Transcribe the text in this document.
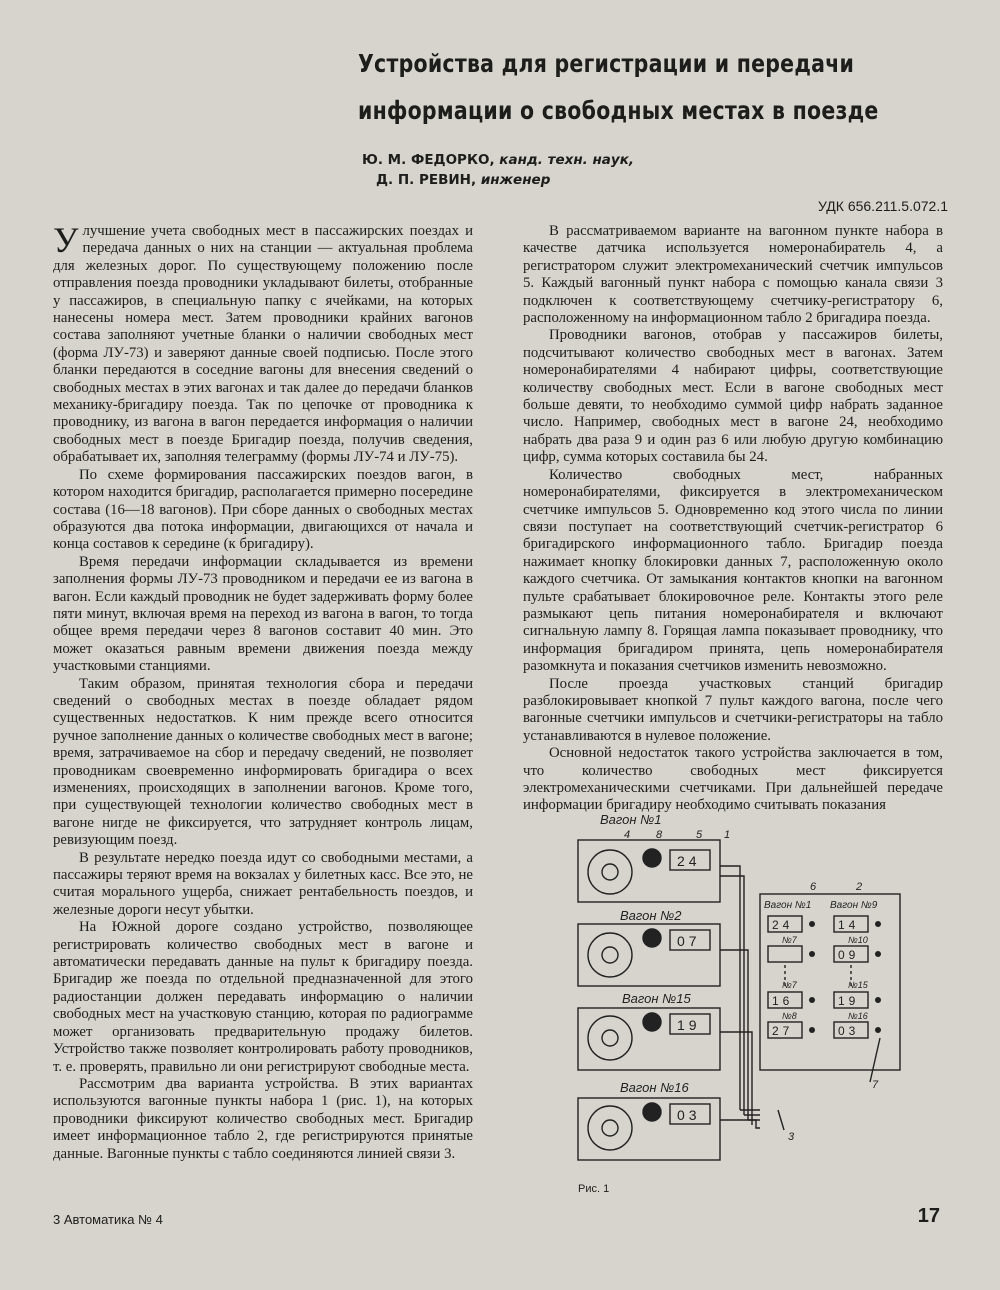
Устройства для регистрации и передачи
информации о свободных местах в поезде
Ю. М. ФЕДОРКО, канд. техн. наук,
Д. П. РЕВИН, инженер
УДК 656.211.5.072.1

Улучшение учета свободных мест в пассажирских поездах и передача данных о них на станции — актуальная проблема для железных дорог. По существующему положению после отправления поезда проводники укладывают билеты, отобранные у пассажиров, в специальную папку с ячейками, на которых нанесены номера мест. Затем проводники крайних вагонов состава заполняют учетные бланки о наличии свободных мест (форма ЛУ-73) и заверяют данные своей подписью. После этого бланки передаются в соседние вагоны для внесения сведений о свободных местах в этих вагонах и так далее до передачи бланков механику-бригадиру поезда. Так по цепочке от проводника к проводнику, из вагона в вагон передается информация о наличии свободных мест в поезде Бригадир поезда, получив сведения, обрабатывает их, заполняя телеграмму (формы ЛУ-74 и ЛУ-75).

По схеме формирования пассажирских поездов вагон, в котором находится бригадир, располагается примерно посередине состава (16—18 вагонов). При сборе данных о свободных местах образуются два потока информации, двигающихся от начала и конца составов к середине (к бригадиру).

Время передачи информации складывается из времени заполнения формы ЛУ-73 проводником и передачи ее из вагона в вагон. Если каждый проводник не будет задерживать форму более пяти минут, включая время на переход из вагона в вагон, то тогда общее время передачи через 8 вагонов составит 40 мин. Это может оказаться равным времени движения поезда между участковыми станциями.

Таким образом, принятая технология сбора и передачи сведений о свободных местах в поезде обладает рядом существенных недостатков. К ним прежде всего относится ручное заполнение данных о количестве свободных мест в вагоне; время, затрачиваемое на сбор и передачу сведений, не позволяет проводникам своевременно информировать бригадира о всех изменениях, происходящих в заполнении вагонов. Кроме того, при существующей технологии количество свободных мест в вагоне нигде не фиксируется, что затрудняет контроль лицам, ревизующим поезд.

В результате нередко поезда идут со свободными местами, а пассажиры теряют время на вокзалах у билетных касс. Все это, не считая морального ущерба, снижает рентабельность поездов, и железные дороги несут убытки.

На Южной дороге создано устройство, позволяющее регистрировать количество свободных мест в вагоне и автоматически передавать данные на пульт к бригадиру поезда. Бригадир же поезда по отдельной предназначенной для этого радиостанции должен передавать информацию о наличии свободных мест на участковую станцию, которая по радиограмме может организовать предварительную продажу билетов. Устройство также позволяет контролировать работу проводников, т. е. проверять, правильно ли они регистрируют свободные места.

Рассмотрим два варианта устройства. В этих вариантах используются вагонные пункты набора 1 (рис. 1), на которых проводники фиксируют количество свободных мест. Бригадир имеет информационное табло 2, где регистрируются принятые данные. Вагонные пункты с табло соединяются линией связи 3.

В рассматриваемом варианте на вагонном пункте набора в качестве датчика используется номеронабиратель 4, а регистратором служит электромеханический счетчик импульсов 5. Каждый вагонный пункт набора с помощью канала связи 3 подключен к соответствующему счетчику-регистратору 6, расположенному на информационном табло 2 бригадира поезда.

Проводники вагонов, отобрав у пассажиров билеты, подсчитывают количество свободных мест в вагонах. Затем номеронабирателями 4 набирают цифры, соответствующие количеству свободных мест. Если в вагоне свободных мест больше девяти, то необходимо суммой цифр набрать заданное число. Например, свободных мест в вагоне 24, необходимо набрать два раза 9 и один раз 6 или любую другую комбинацию цифр, сумма которых составила бы 24.

Количество свободных мест, набранных номеронабирателями, фиксируется в электромеханическом счетчике импульсов 5. Одновременно код этого числа по линии связи поступает на соответствующий счетчик-регистратор 6 бригадирского информационного табло. Бригадир поезда нажимает кнопку блокировки данных 7, расположенную около каждого счетчика. От замыкания контактов кнопки на вагонном пульте срабатывает блокировочное реле. Контакты этого реле размыкают цепь питания номеронабирателя и включают сигнальную лампу 8. Горящая лампа показывает проводнику, что информация бригадиром принята, цепь номеронабирателя разомкнута и показания счетчиков изменить невозможно.

После проезда участковых станций бригадир разблокировывает кнопкой 7 пульт каждого вагона, после чего вагонные счетчики импульсов и счетчики-регистраторы на табло устанавливаются в нулевое положение.

Основной недостаток такого устройства заключается в том, что количество свободных мест фиксируется электромеханическими счетчиками. При дальнейшей передаче информации бригадиру необходимо считывать показания

Вагон №1
4 8	5 1
24
Вагон №2
07
Вагон №15
19
Вагон №16
03
3
6	2
Вагон №1 Вагон №9
24	14
№7	№10
09
№7	№15
16	19
№8	№16
27	03
7
Рис. 1
3 Автоматика № 4	17
